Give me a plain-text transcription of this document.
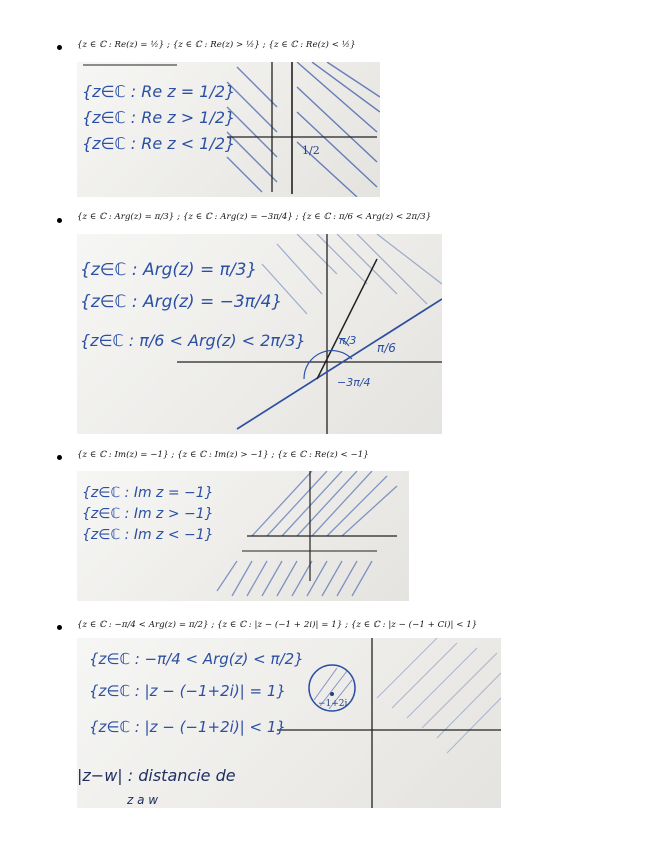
{z ∈ ℂ : Re(z) = ½} ; {z ∈ ℂ : Re(z) > ½} ; {z ∈ ℂ : Re(z) < ½}
1/2
{z∈ℂ : Re z = 1/2}
{z∈ℂ : Re z > 1/2}
{z∈ℂ : Re z < 1/2}
{z ∈ ℂ : Arg(z) = π/3} ; {z ∈ ℂ : Arg(z) = −3π/4} ; {z ∈ ℂ : π/6 < Arg(z) < 2π/3}
π/3
π/6
−3π/4
{z∈ℂ : Arg(z) = π/3}
{z∈ℂ : Arg(z) = −3π/4}
{z∈ℂ : π/6 < Arg(z) < 2π/3}
{z ∈ ℂ : Im(z) = −1} ; {z ∈ ℂ : Im(z) > −1} ; {z ∈ ℂ : Re(z) < −1}
{z∈ℂ : Im z = −1}
{z∈ℂ : Im z > −1}
{z∈ℂ : Im z < −1}
{z ∈ ℂ : −π/4 < Arg(z) = π/2} ; {z ∈ ℂ : |z − (−1 + 2i)| = 1} ; {z ∈ ℂ : |z − (−1 + Ci)| < 1}
−1+2i
{z∈ℂ : −π/4 < Arg(z) < π/2}
{z∈ℂ : |z − (−1+2i)| = 1}
{z∈ℂ : |z − (−1+2i)| < 1}
|z−w| : distancie de
z a w
